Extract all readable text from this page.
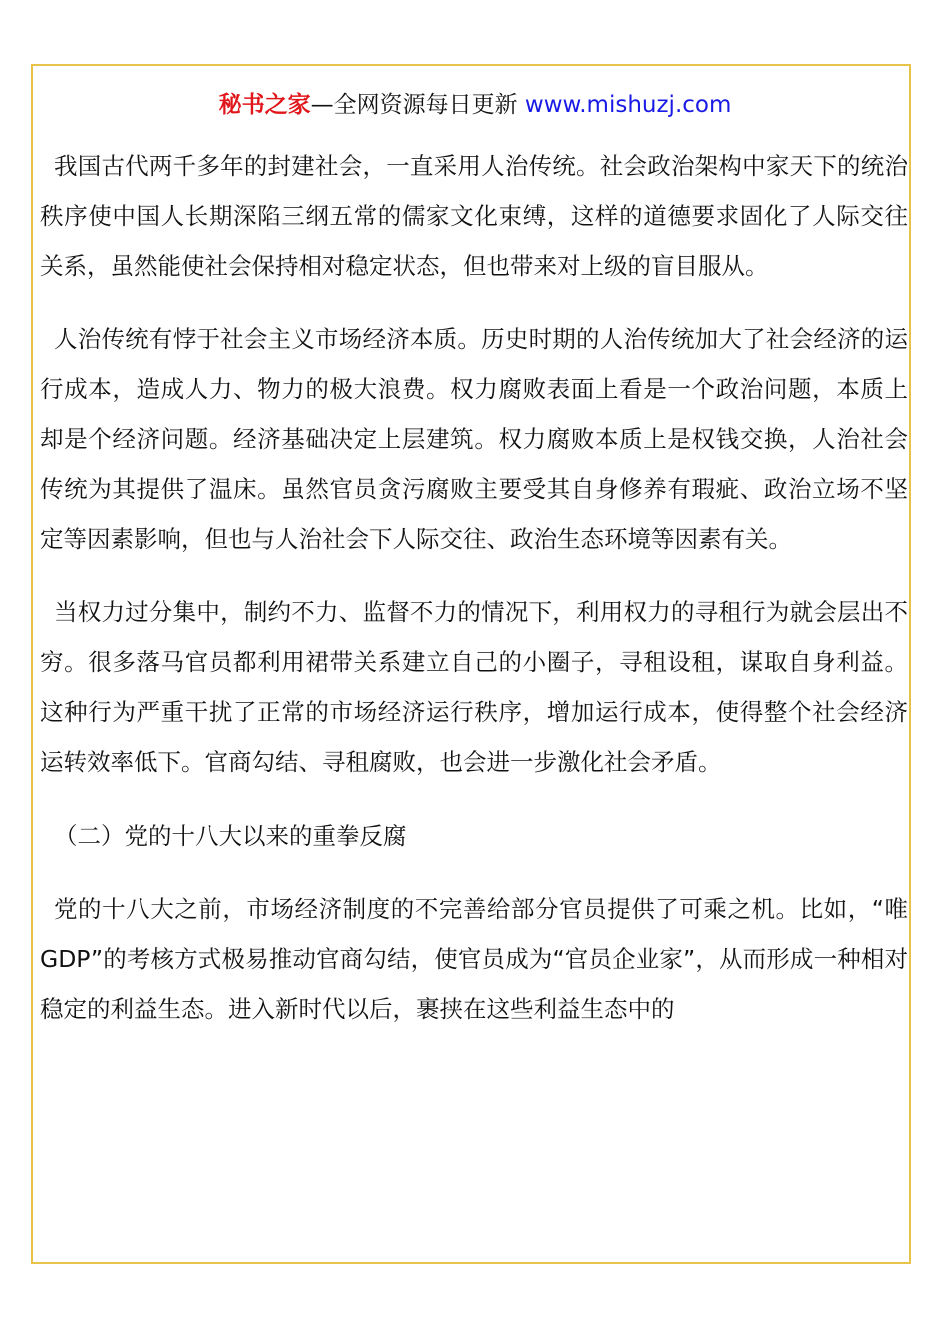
秘书之家—全网资源每日更新 www.mishuzj.com

我国古代两千多年的封建社会，一直采用人治传统。社会政治架构中家天下的统治秩序使中国人长期深陷三纲五常的儒家文化束缚，这样的道德要求固化了人际交往关系，虽然能使社会保持相对稳定状态，但也带来对上级的盲目服从。

人治传统有悖于社会主义市场经济本质。历史时期的人治传统加大了社会经济的运行成本，造成人力、物力的极大浪费。权力腐败表面上看是一个政治问题，本质上却是个经济问题。经济基础决定上层建筑。权力腐败本质上是权钱交换，人治社会传统为其提供了温床。虽然官员贪污腐败主要受其自身修养有瑕疵、政治立场不坚定等因素影响，但也与人治社会下人际交往、政治生态环境等因素有关。

当权力过分集中，制约不力、监督不力的情况下，利用权力的寻租行为就会层出不穷。很多落马官员都利用裙带关系建立自己的小圈子，寻租设租，谋取自身利益。这种行为严重干扰了正常的市场经济运行秩序，增加运行成本，使得整个社会经济运转效率低下。官商勾结、寻租腐败，也会进一步激化社会矛盾。

（二）党的十八大以来的重拳反腐

党的十八大之前，市场经济制度的不完善给部分官员提供了可乘之机。比如，“唯GDP”的考核方式极易推动官商勾结，使官员成为“官员企业家”，从而形成一种相对稳定的利益生态。进入新时代以后，裹挟在这些利益生态中的
